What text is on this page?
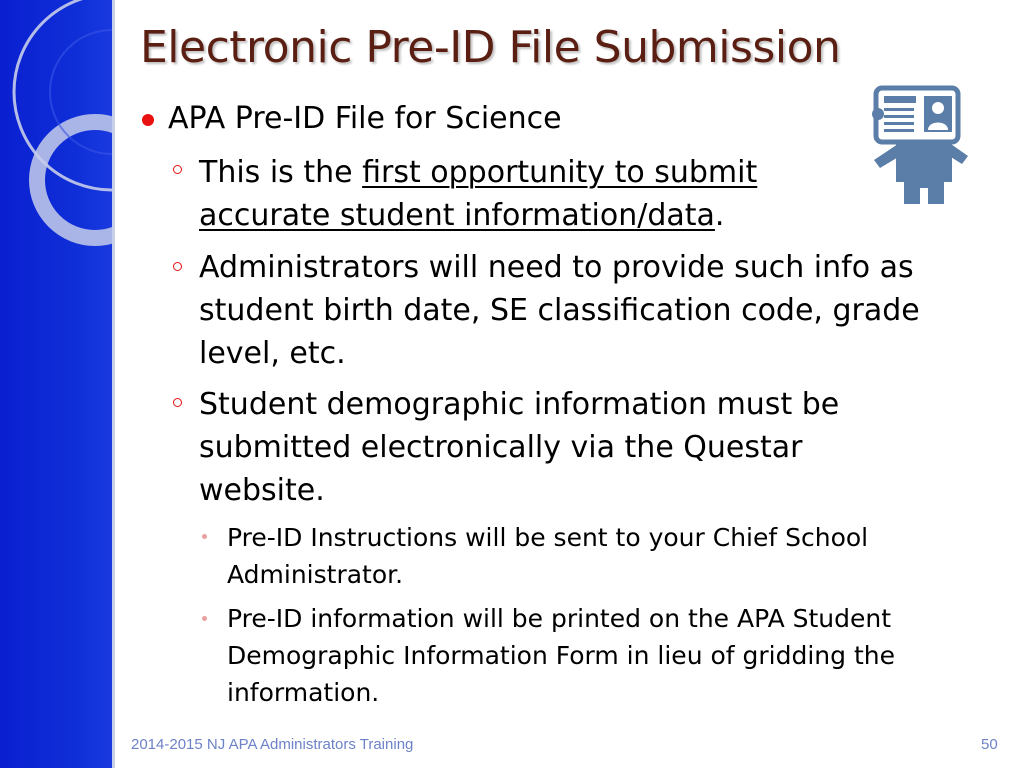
Electronic Pre-ID File Submission
APA Pre-ID File for Science
This is the first opportunity to submit accurate student information/data.
Administrators will need to provide such info as student birth date, SE classification code, grade level, etc.
Student demographic information must be submitted electronically via the Questar website.
Pre-ID Instructions will be sent to your Chief School Administrator.
Pre-ID information will be printed on the APA Student Demographic Information Form in lieu of gridding the information.
2014-2015 NJ APA Administrators Training	50
